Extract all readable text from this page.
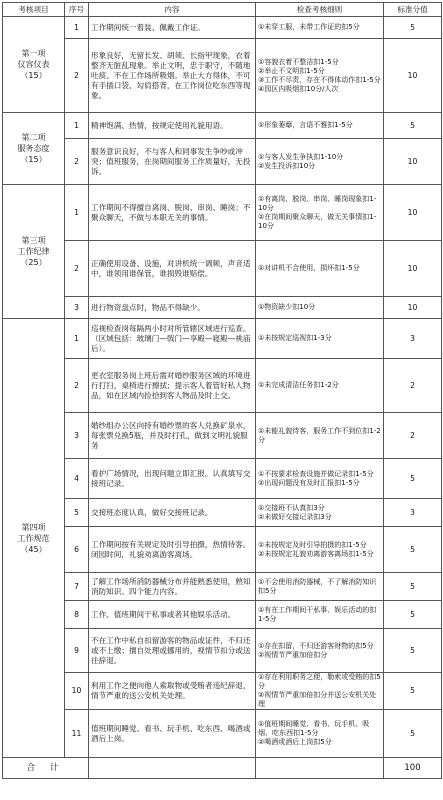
考核项目	序号	内容	检查考核细则	标准分值

第一项
仪容仪表
（15）	1	工作期间统一着装、佩戴工作证。	①未穿工服，未带工作证的扣5分	5
	2	形象良好，无留长发、胡须、长指甲现象，衣着整齐无脏乱现象。举止文明，忠于职守，不随地吐痰、不在工作场所吸烟。举止大方得体，不可有手插口袋、勾肩搭背，在工作岗位吃东西等现象。	①容貌衣着不整洁扣1-5分
②举止不文明扣1-5分
③工作不尽责，存在不得体动作扣1-5分
④园区内吸烟扣10分/人次	10

第二项
服务态度
（15）	1	精神饱满、热情，按规定使用礼貌用语。	①形象萎靡，言语不雅扣1-5分	5
	2	服务意识良好，不与客人和同事发生争吵或冲突；值班服务，在岗期间服务工作质量好，无投诉。	①与客人发生争执扣1-10分
②发生投诉扣10分	10

第三项
工作纪律
（25）	1	工作期间不得擅自离岗、脱岗、串岗、睡岗；不聚众聊天，不做与本职无关的事情。	①有离岗、脱岗、串岗、睡岗现象扣1-10分
②在岗期间聚众聊天，做无关事情扣1-10分	10
	2	正确使用设备、设施，对讲机统一调频，声音适中，谁领用谁保管，谁损毁谁赔偿。	①对讲机不合使用，损坏扣1-5分	10
	3	进行物资盘点时，物品不得缺少。	①物资缺少扣10分	10

第四项
工作规范
（45）	1	巡视检查岗每隔两小时对所管辖区域进行巡查。（区域包括：玻璃门—戟门—享殿—寝殿—祧庙后）。	①未按规定巡视扣1-3分	3
	2	更衣室服务岗上班后需对婚纱服务区域的环境进行打扫，桌椅进行擦拭；提示客人着管好私人物品，如在区域内捡拾到客人物品及时上交。	①未完成清洁任务扣1-2分	2
	3	婚纱组办公区向持有婚纱票的客人兑换矿泉水，每张票兑换5瓶，并及时打孔，做到文明礼貌服务	①未能礼貌待客，服务工作不到位扣1-2分	2
	4	看护广场情况，出现问题立即汇报。认真填写交接班记录。	①不按要求检查设施并做记录扣1-5分
②出现问题没有及时汇报扣1-5分	5
	5	交接班态度认真，做好交接班记录。	①交接班不认真扣3分
②未做好交接记录扣3分	3
	6	工作期间按有关规定及时引导拍摄，热情待客。闭园时间，礼貌劝离游客离场。	①未按规定及时引导拍摄的扣1-5分
②未按规定礼貌劝离游客离场扣1-5分	5
	7	了解工作场所消防器械分布并能熟悉使用，熟知消防知识、四个能力内容。	①不会使用消防器械，不了解消防知识扣5分	5
	8	工作、值班期间干私事或者其他娱乐活动。	①有在工作期间干私事、娱乐活动的扣1-5分	5
	9	不在工作中私自扣留游客的物品或证件，不归还或不上缴；擅自处理或挪用的，视情节扣分或送往辞退。	①存在扣留，不归还游客财物的扣5分
②视情节严重加倍扣分	5
	10	利用工作之便向他人索取物或受贿者违纪辞退，情节严重的送公安机关处理。	①存在利用职务之便，勒索或受贿的扣5分
②视情节严重加倍扣分并送公安机关处理	5
	11	值班期间睡觉、看书、玩手机、吃东西、喝酒或酒后上岗。	①值班期间睡觉、看书、玩手机、吸烟、吃东西扣1-5分
②喝酒或酒后上岗扣5分	5
合 计				100
